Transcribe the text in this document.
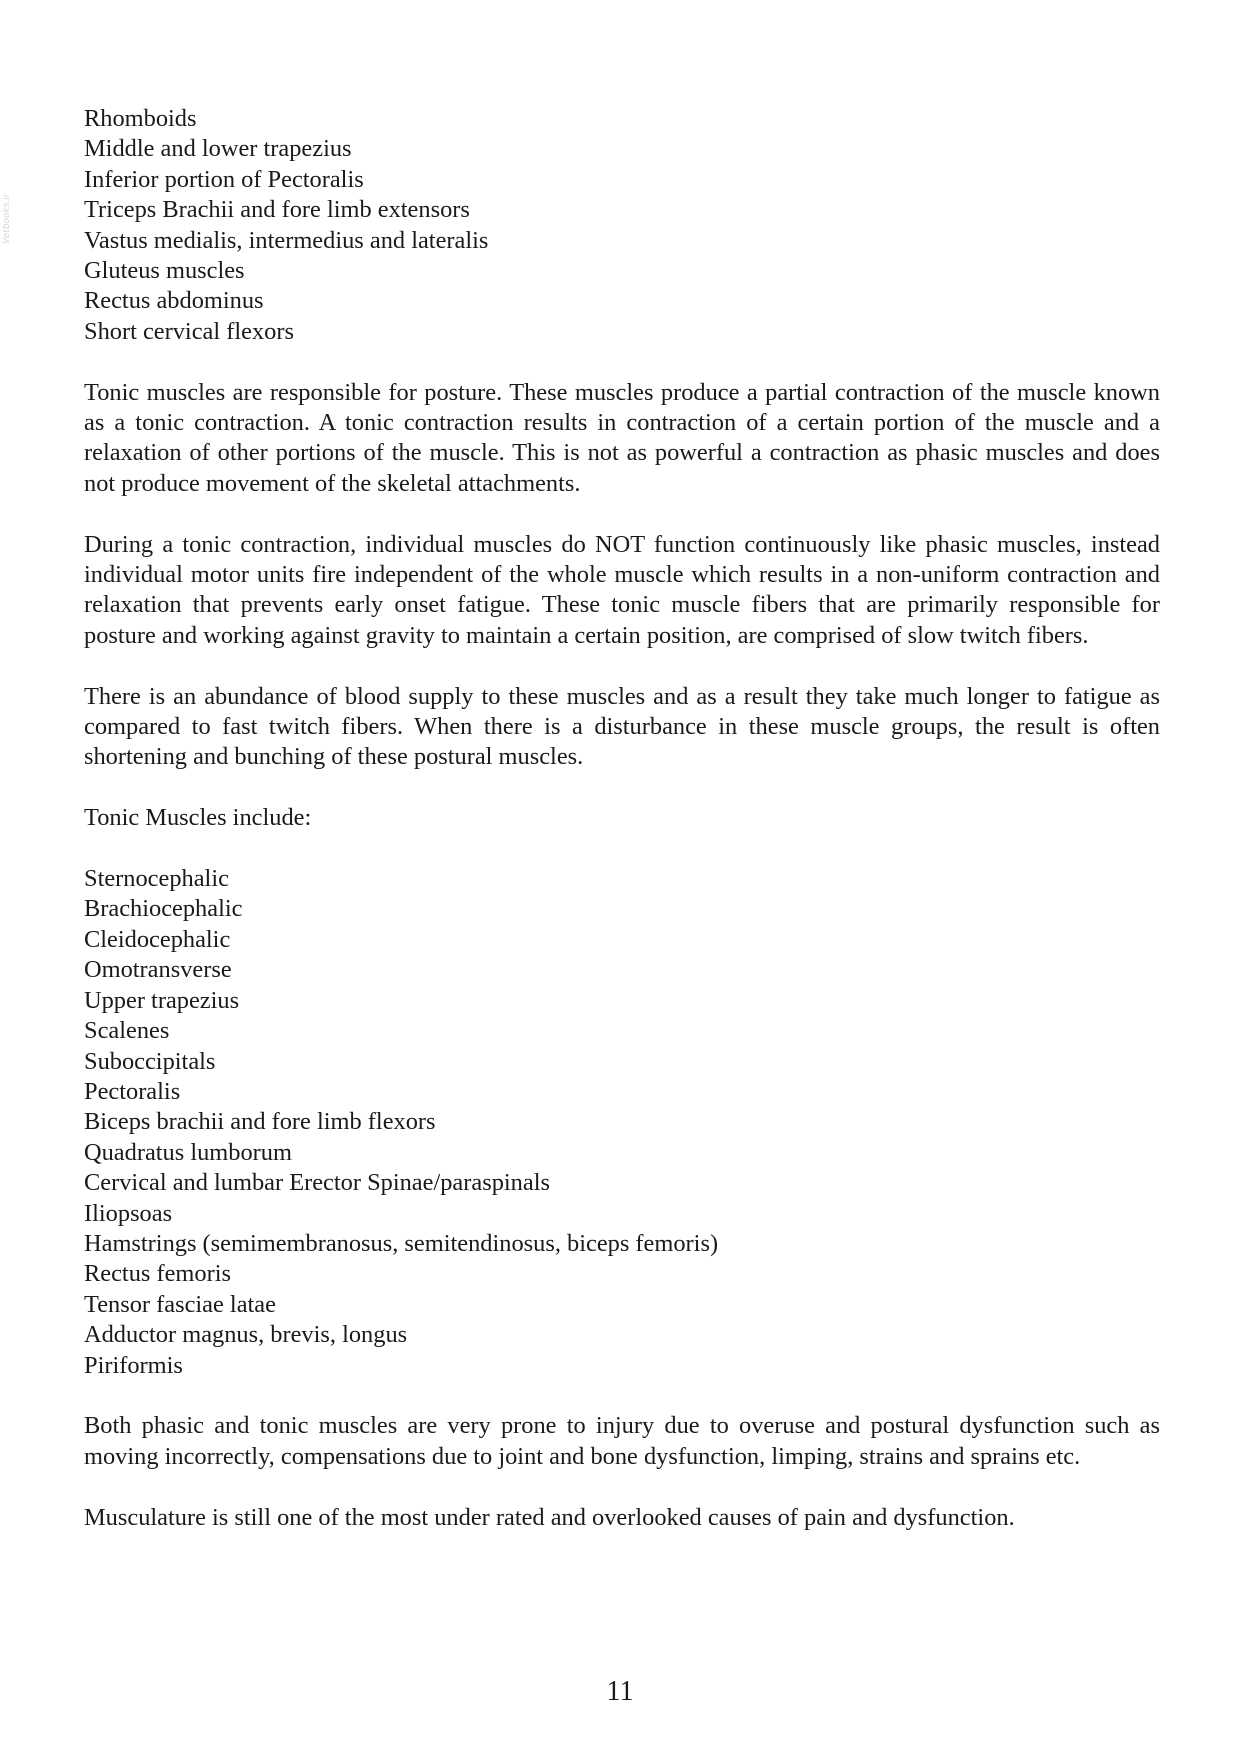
Vetbooks.ir
Rhomboids
Middle and lower trapezius
Inferior portion of Pectoralis
Triceps Brachii and fore limb extensors
Vastus medialis, intermedius and lateralis
Gluteus muscles
Rectus abdominus
Short cervical flexors

Tonic muscles are responsible for posture. These muscles produce a partial contraction of the muscle known as a tonic contraction. A tonic contraction results in contraction of a certain portion of the muscle and a relaxation of other portions of the muscle. This is not as powerful a contraction as phasic muscles and does not produce movement of the skeletal attachments.

During a tonic contraction, individual muscles do NOT function continuously like phasic muscles, instead individual motor units fire independent of the whole muscle which results in a non-uniform contraction and relaxation that prevents early onset fatigue. These tonic muscle fibers that are primarily responsible for posture and working against gravity to maintain a certain position, are comprised of slow twitch fibers.

There is an abundance of blood supply to these muscles and as a result they take much longer to fatigue as compared to fast twitch fibers. When there is a disturbance in these muscle groups, the result is often shortening and bunching of these postural muscles.

Tonic Muscles include:

Sternocephalic
Brachiocephalic
Cleidocephalic
Omotransverse
Upper trapezius
Scalenes
Suboccipitals
Pectoralis
Biceps brachii and fore limb flexors
Quadratus lumborum
Cervical and lumbar Erector Spinae/paraspinals
Iliopsoas
Hamstrings (semimembranosus, semitendinosus, biceps femoris)
Rectus femoris
Tensor fasciae latae
Adductor magnus, brevis, longus
Piriformis

Both phasic and tonic muscles are very prone to injury due to overuse and postural dysfunction such as moving incorrectly, compensations due to joint and bone dysfunction, limping, strains and sprains etc.

Musculature is still one of the most under rated and overlooked causes of pain and dysfunction.

11
